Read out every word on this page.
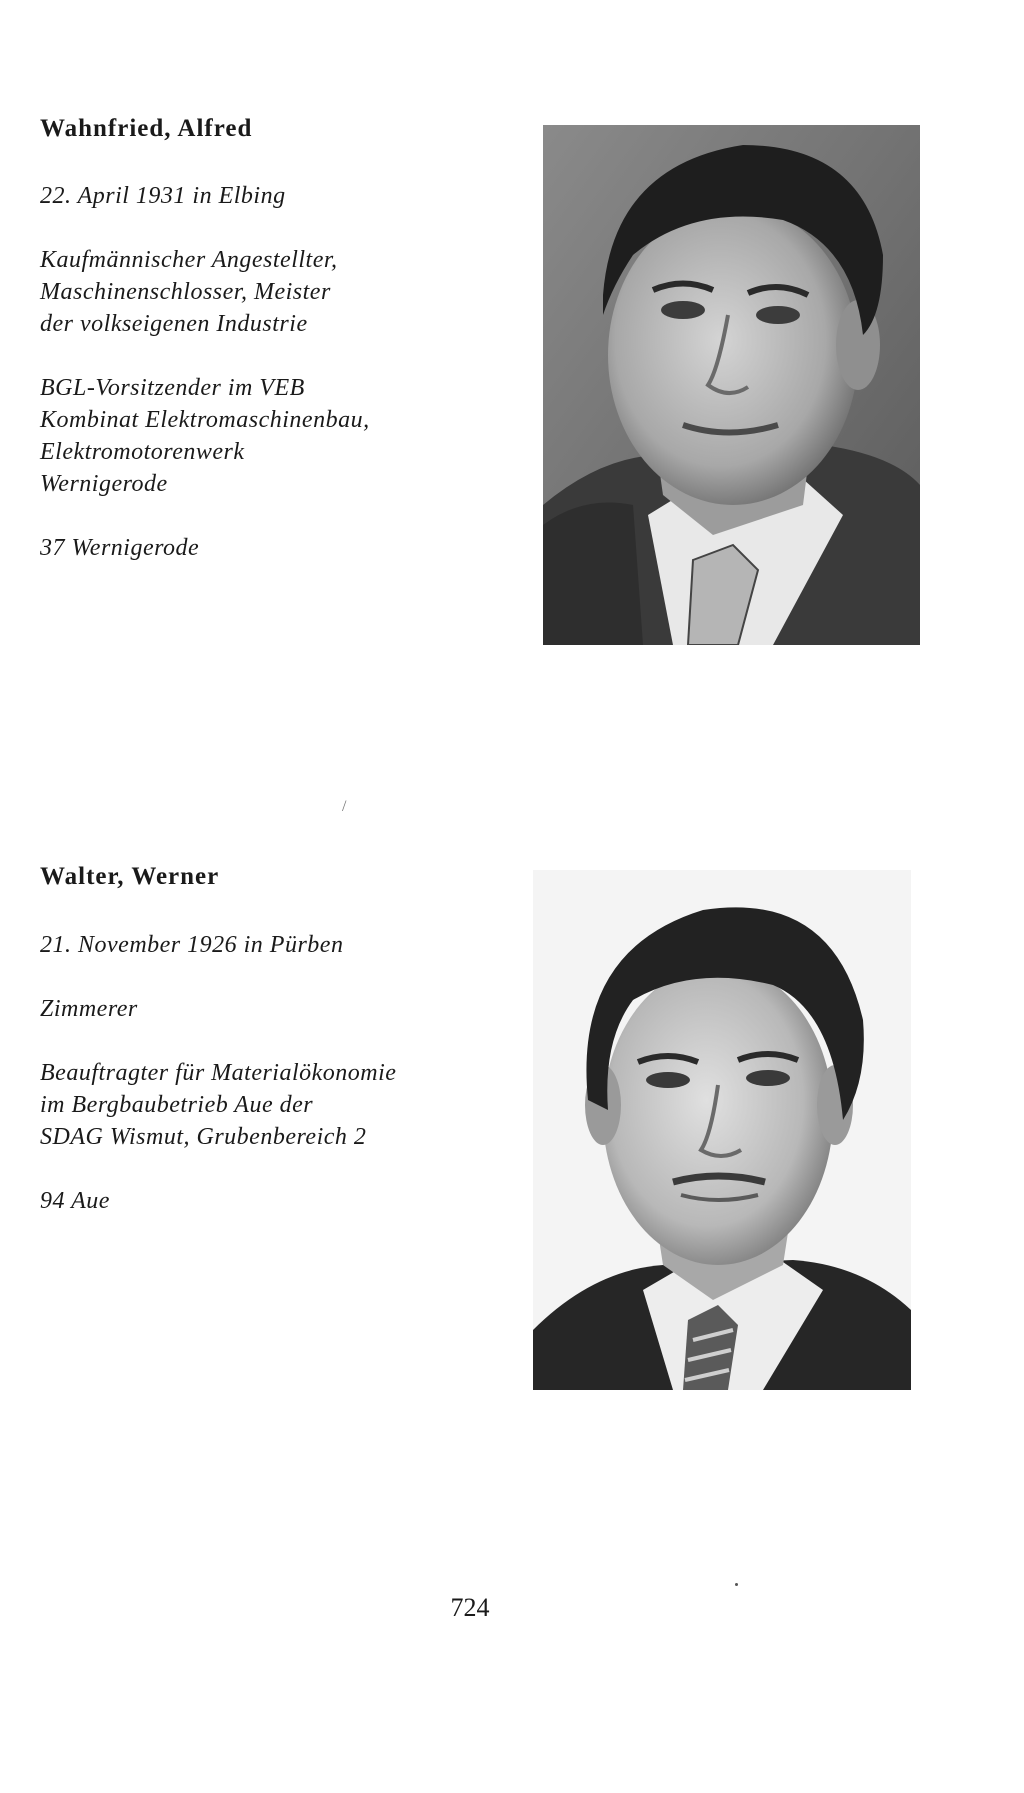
Wahnfried, Alfred

22. April 1931 in Elbing

Kaufmännischer Angestellter,
Maschinenschlosser, Meister
der volkseigenen Industrie

BGL-Vorsitzender im VEB
Kombinat Elektromaschinenbau,
Elektromotorenwerk
Wernigerode

37 Wernigerode

/
Walter, Werner

21. November 1926 in Pürben

Zimmerer

Beauftragter für Materialökonomie
im Bergbaubetrieb Aue der
SDAG Wismut, Grubenbereich 2

94 Aue

724
